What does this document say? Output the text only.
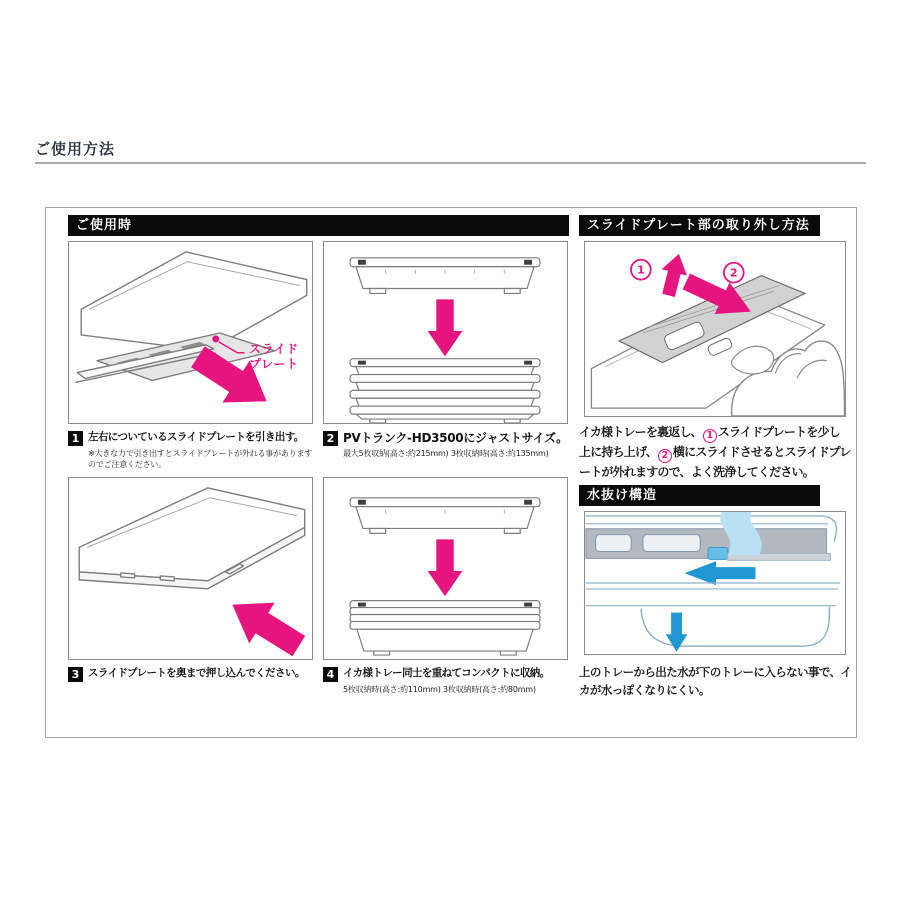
ご使用方法
ご使用時
スライド
プレート
1 左右についているスライドプレートを引き出す。
※大きな力で引き出すとスライドプレートが外れる事がありますのでご注意ください。
2 PVトランク-HD3500にジャストサイズ。
最大5枚収納(高さ:約215mm) 3枚収納時(高さ:約135mm)
3 スライドプレートを奥まで押し込んでください。	4 イカ様トレー同士を重ねてコンパクトに収納。
5枚収納時(高さ:約110mm) 3枚収納時(高さ:約80mm)
スライドプレート部の取り外し方法
1	2

イカ様トレーを裏返し、 1 スライドプレートを少し上に持ち上げ、 2 横にスライドさせるとスライドプレートが外れますので、よく洗浄してください。

水抜け構造

上のトレーから出た水が下のトレーに入らない事で、イカが水っぽくなりにくい。
